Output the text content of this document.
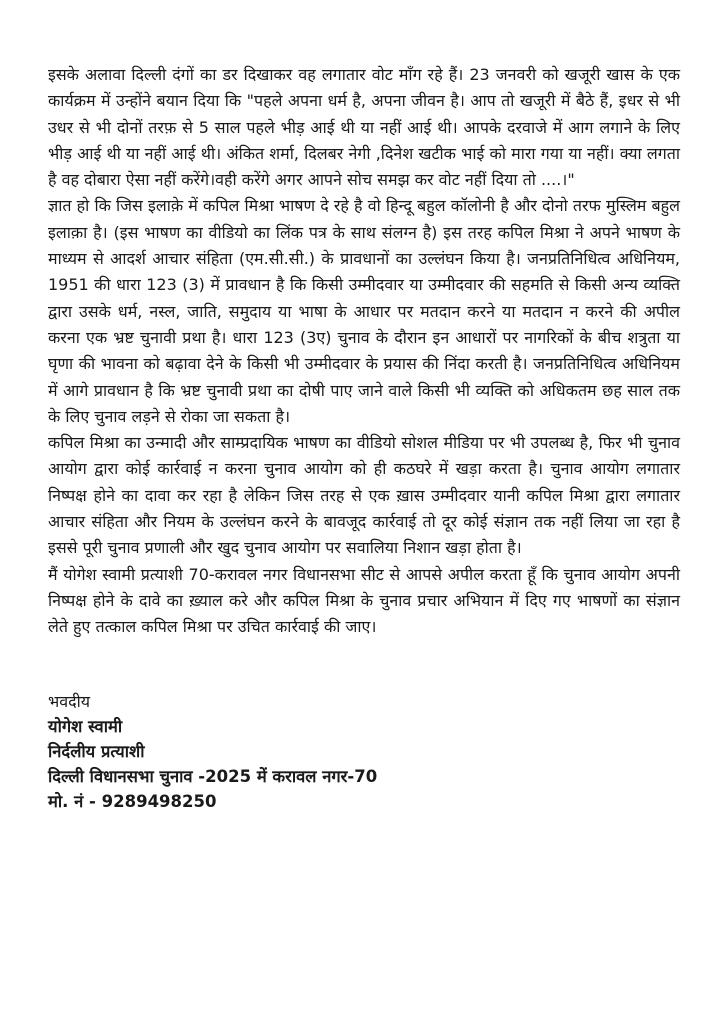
इसके अलावा दिल्ली दंगों का डर दिखाकर वह लगातार वोट माँग रहे हैं। 23 जनवरी को खजूरी खास के एक कार्यक्रम में उन्होंने बयान दिया कि "पहले अपना धर्म है, अपना जीवन है। आप तो खजूरी में बैठे हैं, इधर से भी उधर से भी दोनों तरफ़ से 5 साल पहले भीड़ आई थी या नहीं आई थी। आपके दरवाजे में आग लगाने के लिए भीड़ आई थी या नहीं आई थी। अंकित शर्मा, दिलबर नेगी ,दिनेश खटीक भाई को मारा गया या नहीं। क्या लगता है वह दोबारा ऐसा नहीं करेंगे।वही करेंगे अगर आपने सोच समझ कर वोट नहीं दिया तो ....।"

ज्ञात हो कि जिस इलाक़े में कपिल मिश्रा भाषण दे रहे है वो हिन्दू बहुल कॉलोनी है और दोनो तरफ मुस्लिम बहुल इलाक़ा है। (इस भाषण का वीडियो का लिंक पत्र के साथ संलग्न है) इस तरह कपिल मिश्रा ने अपने भाषण के माध्यम से आदर्श आचार संहिता (एम.सी.सी.) के प्रावधानों का उल्लंघन किया है। जनप्रतिनिधित्व अधिनियम, 1951 की धारा 123 (3) में प्रावधान है कि किसी उम्मीदवार या उम्मीदवार की सहमति से किसी अन्य व्यक्ति द्वारा उसके धर्म, नस्ल, जाति, समुदाय या भाषा के आधार पर मतदान करने या मतदान न करने की अपील करना एक भ्रष्ट चुनावी प्रथा है। धारा 123 (3ए) चुनाव के दौरान इन आधारों पर नागरिकों के बीच शत्रुता या घृणा की भावना को बढ़ावा देने के किसी भी उम्मीदवार के प्रयास की निंदा करती है। जनप्रतिनिधित्व अधिनियम में आगे प्रावधान है कि भ्रष्ट चुनावी प्रथा का दोषी पाए जाने वाले किसी भी व्यक्ति को अधिकतम छह साल तक के लिए चुनाव लड़ने से रोका जा सकता है।

कपिल मिश्रा का उन्मादी और साम्प्रदायिक भाषण का वीडियो सोशल मीडिया पर भी उपलब्ध है, फिर भी चुनाव आयोग द्वारा कोई कार्रवाई न करना चुनाव आयोग को ही कठघरे में खड़ा करता है। चुनाव आयोग लगातार निष्पक्ष होने का दावा कर रहा है लेकिन जिस तरह से एक ख़ास उम्मीदवार यानी कपिल मिश्रा द्वारा लगातार आचार संहिता और नियम के उल्लंघन करने के बावजूद कार्रवाई तो दूर कोई संज्ञान तक नहीं लिया जा रहा है इससे पूरी चुनाव प्रणाली और खुद चुनाव आयोग पर सवालिया निशान खड़ा होता है।

मैं योगेश स्वामी प्रत्याशी 70-करावल नगर विधानसभा सीट से आपसे अपील करता हूँ कि चुनाव आयोग अपनी निष्पक्ष होने के दावे का ख़्याल करे और कपिल मिश्रा के चुनाव प्रचार अभियान में दिए गए भाषणों का संज्ञान लेते हुए तत्काल कपिल मिश्रा पर उचित कार्रवाई की जाए।

भवदीय
योगेश स्वामी
निर्दलीय प्रत्याशी
दिल्ली विधानसभा चुनाव -2025 में करावल नगर-70
मो. नं - 9289498250
